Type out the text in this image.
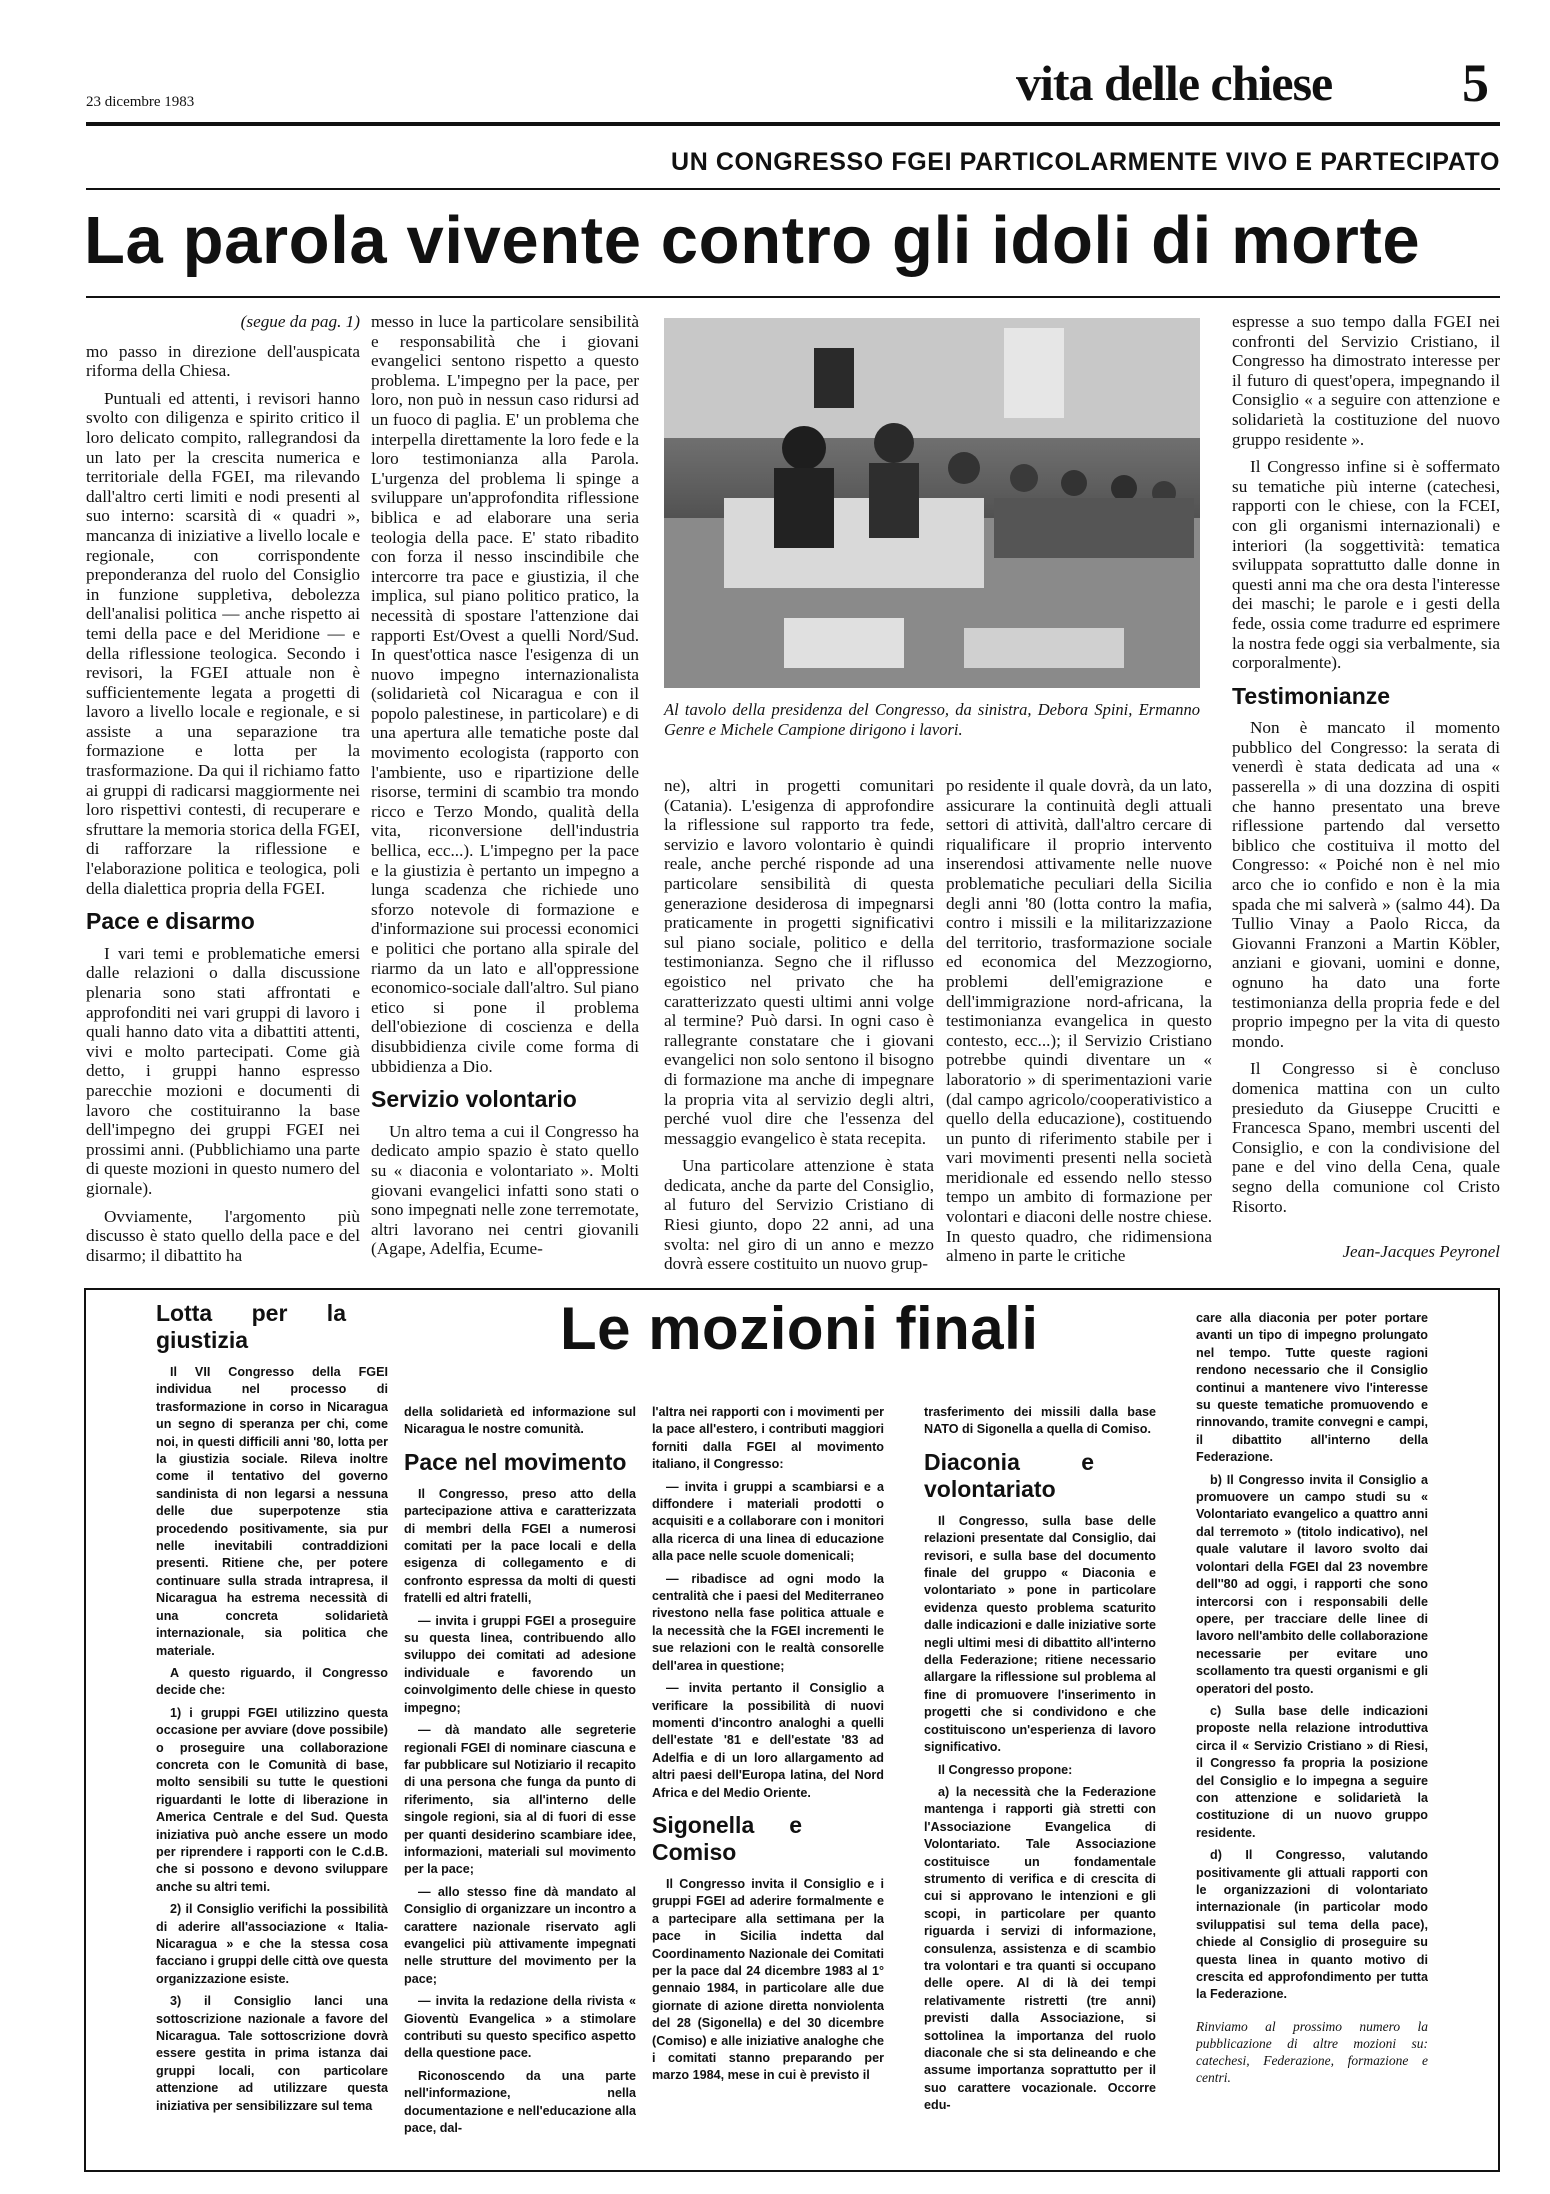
23 dicembre 1983	vita delle chiese 5
UN CONGRESSO FGEI PARTICOLARMENTE VIVO E PARTECIPATO
La parola vivente contro gli idoli di morte

(segue da pag. 1)

mo passo in direzione dell'auspicata riforma della Chiesa.

Puntuali ed attenti, i revisori hanno svolto con diligenza e spirito critico il loro delicato compito, rallegrandosi da un lato per la crescita numerica e territoriale della FGEI, ma rilevando dall'altro certi limiti e nodi presenti al suo interno: scarsità di « quadri », mancanza di iniziative a livello locale e regionale, con corrispondente preponderanza del ruolo del Consiglio in funzione suppletiva, debolezza dell'analisi politica — anche rispetto ai temi della pace e del Meridione — e della riflessione teologica. Secondo i revisori, la FGEI attuale non è sufficientemente legata a progetti di lavoro a livello locale e regionale, e si assiste a una separazione tra formazione e lotta per la trasformazione. Da qui il richiamo fatto ai gruppi di radicarsi maggiormente nei loro rispettivi contesti, di recuperare e sfruttare la memoria storica della FGEI, di rafforzare la riflessione e l'elaborazione politica e teologica, poli della dialettica propria della FGEI.

Pace e disarmo

I vari temi e problematiche emersi dalle relazioni o dalla discussione plenaria sono stati affrontati e approfonditi nei vari gruppi di lavoro i quali hanno dato vita a dibattiti attenti, vivi e molto partecipati. Come già detto, i gruppi hanno espresso parecchie mozioni e documenti di lavoro che costituiranno la base dell'impegno dei gruppi FGEI nei prossimi anni. (Pubblichiamo una parte di queste mozioni in questo numero del giornale).

Ovviamente, l'argomento più discusso è stato quello della pace e del disarmo; il dibattito ha

messo in luce la particolare sensibilità e responsabilità che i giovani evangelici sentono rispetto a questo problema. L'impegno per la pace, per loro, non può in nessun caso ridursi ad un fuoco di paglia. E' un problema che interpella direttamente la loro fede e la loro testimonianza alla Parola. L'urgenza del problema li spinge a sviluppare un'approfondita riflessione biblica e ad elaborare una seria teologia della pace. E' stato ribadito con forza il nesso inscindibile che intercorre tra pace e giustizia, il che implica, sul piano politico pratico, la necessità di spostare l'attenzione dai rapporti Est/Ovest a quelli Nord/Sud. In quest'ottica nasce l'esigenza di un nuovo impegno internazionalista (solidarietà col Nicaragua e con il popolo palestinese, in particolare) e di una apertura alle tematiche poste dal movimento ecologista (rapporto con l'ambiente, uso e ripartizione delle risorse, termini di scambio tra mondo ricco e Terzo Mondo, qualità della vita, riconversione dell'industria bellica, ecc...). L'impegno per la pace e la giustizia è pertanto un impegno a lunga scadenza che richiede uno sforzo notevole di formazione e d'informazione sui processi economici e politici che portano alla spirale del riarmo da un lato e all'oppressione economico-sociale dall'altro. Sul piano etico si pone il problema dell'obiezione di coscienza e della disubbidienza civile come forma di ubbidienza a Dio.

Servizio volontario

Un altro tema a cui il Congresso ha dedicato ampio spazio è stato quello su « diaconia e volontariato ». Molti giovani evangelici infatti sono stati o sono impegnati nelle zone terremotate, altri lavorano nei centri giovanili (Agape, Adelfia, Ecume-

Al tavolo della presidenza del Congresso, da sinistra, Debora Spini, Ermanno Genre e Michele Campione dirigono i lavori.

ne), altri in progetti comunitari (Catania). L'esigenza di approfondire la riflessione sul rapporto tra fede, servizio e lavoro volontario è quindi reale, anche perché risponde ad una particolare sensibilità di questa generazione desiderosa di impegnarsi praticamente in progetti significativi sul piano sociale, politico e della testimonianza. Segno che il riflusso egoistico nel privato che ha caratterizzato questi ultimi anni volge al termine? Può darsi. In ogni caso è rallegrante constatare che i giovani evangelici non solo sentono il bisogno di formazione ma anche di impegnare la propria vita al servizio degli altri, perché vuol dire che l'essenza del messaggio evangelico è stata recepita.

Una particolare attenzione è stata dedicata, anche da parte del Consiglio, al futuro del Servizio Cristiano di Riesi giunto, dopo 22 anni, ad una svolta: nel giro di un anno e mezzo dovrà essere costituito un nuovo grup-

po residente il quale dovrà, da un lato, assicurare la continuità degli attuali settori di attività, dall'altro cercare di riqualificare il proprio intervento inserendosi attivamente nelle nuove problematiche peculiari della Sicilia degli anni '80 (lotta contro la mafia, contro i missili e la militarizzazione del territorio, trasformazione sociale ed economica del Mezzogiorno, problemi dell'emigrazione e dell'immigrazione nord-africana, la testimonianza evangelica in questo contesto, ecc...); il Servizio Cristiano potrebbe quindi diventare un « laboratorio » di sperimentazioni varie (dal campo agricolo/cooperativistico a quello della educazione), costituendo un punto di riferimento stabile per i vari movimenti presenti nella società meridionale ed essendo nello stesso tempo un ambito di formazione per volontari e diaconi delle nostre chiese. In questo quadro, che ridimensiona almeno in parte le critiche

espresse a suo tempo dalla FGEI nei confronti del Servizio Cristiano, il Congresso ha dimostrato interesse per il futuro di quest'opera, impegnando il Consiglio « a seguire con attenzione e solidarietà la costituzione del nuovo gruppo residente ».

Il Congresso infine si è soffermato su tematiche più interne (catechesi, rapporti con le chiese, con la FCEI, con gli organismi internazionali) e interiori (la soggettività: tematica sviluppata soprattutto dalle donne in questi anni ma che ora desta l'interesse dei maschi; le parole e i gesti della fede, ossia come tradurre ed esprimere la nostra fede oggi sia verbalmente, sia corporalmente).

Testimonianze

Non è mancato il momento pubblico del Congresso: la serata di venerdì è stata dedicata ad una « passerella » di una dozzina di ospiti che hanno presentato una breve riflessione partendo dal versetto biblico che costituiva il motto del Congresso: « Poiché non è nel mio arco che io confido e non è la mia spada che mi salverà » (salmo 44). Da Tullio Vinay a Paolo Ricca, da Giovanni Franzoni a Martin Köbler, anziani e giovani, uomini e donne, ognuno ha dato una forte testimonianza della propria fede e del proprio impegno per la vita di questo mondo.

Il Congresso si è concluso domenica mattina con un culto presieduto da Giuseppe Crucitti e Francesca Spano, membri uscenti del Consiglio, e con la condivisione del pane e del vino della Cena, quale segno della comunione col Cristo Risorto.

Jean-Jacques Peyronel
Le mozioni finali
Lotta per la giustizia

Il VII Congresso della FGEI individua nel processo di trasformazione in corso in Nicaragua un segno di speranza per chi, come noi, in questi difficili anni '80, lotta per la giustizia sociale. Rileva inoltre come il tentativo del governo sandinista di non legarsi a nessuna delle due superpotenze stia procedendo positivamente, sia pur nelle inevitabili contraddizioni presenti. Ritiene che, per potere continuare sulla strada intrapresa, il Nicaragua ha estrema necessità di una concreta solidarietà internazionale, sia politica che materiale.

A questo riguardo, il Congresso decide che:

1) i gruppi FGEI utilizzino questa occasione per avviare (dove possibile) o proseguire una collaborazione concreta con le Comunità di base, molto sensibili su tutte le questioni riguardanti le lotte di liberazione in America Centrale e del Sud. Questa iniziativa può anche essere un modo per riprendere i rapporti con le C.d.B. che si possono e devono sviluppare anche su altri temi.

2) il Consiglio verifichi la possibilità di aderire all'associazione « Italia-Nicaragua » e che la stessa cosa facciano i gruppi delle città ove questa organizzazione esiste.

3) il Consiglio lanci una sottoscrizione nazionale a favore del Nicaragua. Tale sottoscrizione dovrà essere gestita in prima istanza dai gruppi locali, con particolare attenzione ad utilizzare questa iniziativa per sensibilizzare sul tema

della solidarietà ed informazione sul Nicaragua le nostre comunità.

Pace nel movimento

Il Congresso, preso atto della partecipazione attiva e caratterizzata di membri della FGEI a numerosi comitati per la pace locali e della esigenza di collegamento e di confronto espressa da molti di questi fratelli ed altri fratelli,

— invita i gruppi FGEI a proseguire su questa linea, contribuendo allo sviluppo dei comitati ad adesione individuale e favorendo un coinvolgimento delle chiese in questo impegno;

— dà mandato alle segreterie regionali FGEI di nominare ciascuna e far pubblicare sul Notiziario il recapito di una persona che funga da punto di riferimento, sia all'interno delle singole regioni, sia al di fuori di esse per quanti desiderino scambiare idee, informazioni, materiali sul movimento per la pace;

— allo stesso fine dà mandato al Consiglio di organizzare un incontro a carattere nazionale riservato agli evangelici più attivamente impegnati nelle strutture del movimento per la pace;

— invita la redazione della rivista « Gioventù Evangelica » a stimolare contributi su questo specifico aspetto della questione pace.

Riconoscendo da una parte nell'informazione, nella documentazione e nell'educazione alla pace, dal-

l'altra nei rapporti con i movimenti per la pace all'estero, i contributi maggiori forniti dalla FGEI al movimento italiano, il Congresso:

— invita i gruppi a scambiarsi e a diffondere i materiali prodotti o acquisiti e a collaborare con i monitori alla ricerca di una linea di educazione alla pace nelle scuole domenicali;

— ribadisce ad ogni modo la centralità che i paesi del Mediterraneo rivestono nella fase politica attuale e la necessità che la FGEI incrementi le sue relazioni con le realtà consorelle dell'area in questione;

— invita pertanto il Consiglio a verificare la possibilità di nuovi momenti d'incontro analoghi a quelli dell'estate '81 e dell'estate '83 ad Adelfia e di un loro allargamento ad altri paesi dell'Europa latina, del Nord Africa e del Medio Oriente.

Sigonella e Comiso

Il Congresso invita il Consiglio e i gruppi FGEI ad aderire formalmente e a partecipare alla settimana per la pace in Sicilia indetta dal Coordinamento Nazionale dei Comitati per la pace dal 24 dicembre 1983 al 1° gennaio 1984, in particolare alle due giornate di azione diretta nonviolenta del 28 (Sigonella) e del 30 dicembre (Comiso) e alle iniziative analoghe che i comitati stanno preparando per marzo 1984, mese in cui è previsto il

trasferimento dei missili dalla base NATO di Sigonella a quella di Comiso.

Diaconia e volontariato

Il Congresso, sulla base delle relazioni presentate dal Consiglio, dai revisori, e sulla base del documento finale del gruppo « Diaconia e volontariato » pone in particolare evidenza questo problema scaturito dalle indicazioni e dalle iniziative sorte negli ultimi mesi di dibattito all'interno della Federazione; ritiene necessario allargare la riflessione sul problema al fine di promuovere l'inserimento in progetti che si condividono e che costituiscono un'esperienza di lavoro significativo.

Il Congresso propone:

a) la necessità che la Federazione mantenga i rapporti già stretti con l'Associazione Evangelica di Volontariato. Tale Associazione costituisce un fondamentale strumento di verifica e di crescita di cui si approvano le intenzioni e gli scopi, in particolare per quanto riguarda i servizi di informazione, consulenza, assistenza e di scambio tra volontari e tra quanti si occupano delle opere. Al di là dei tempi relativamente ristretti (tre anni) previsti dalla Associazione, si sottolinea la importanza del ruolo diaconale che si sta delineando e che assume importanza soprattutto per il suo carattere vocazionale. Occorre edu-

care alla diaconia per poter portare avanti un tipo di impegno prolungato nel tempo. Tutte queste ragioni rendono necessario che il Consiglio continui a mantenere vivo l'interesse su queste tematiche promuovendo e rinnovando, tramite convegni e campi, il dibattito all'interno della Federazione.

b) Il Congresso invita il Consiglio a promuovere un campo studi su « Volontariato evangelico a quattro anni dal terremoto » (titolo indicativo), nel quale valutare il lavoro svolto dai volontari della FGEI dal 23 novembre dell''80 ad oggi, i rapporti che sono intercorsi con i responsabili delle opere, per tracciare delle linee di lavoro nell'ambito delle collaborazione necessarie per evitare uno scollamento tra questi organismi e gli operatori del posto.

c) Sulla base delle indicazioni proposte nella relazione introduttiva circa il « Servizio Cristiano » di Riesi, il Congresso fa propria la posizione del Consiglio e lo impegna a seguire con attenzione e solidarietà la costituzione di un nuovo gruppo residente.

d) Il Congresso, valutando positivamente gli attuali rapporti con le organizzazioni di volontariato internazionale (in particolar modo sviluppatisi sul tema della pace), chiede al Consiglio di proseguire su questa linea in quanto motivo di crescita ed approfondimento per tutta la Federazione.

Rinviamo al prossimo numero la pubblicazione di altre mozioni su: catechesi, Federazione, formazione e centri.
